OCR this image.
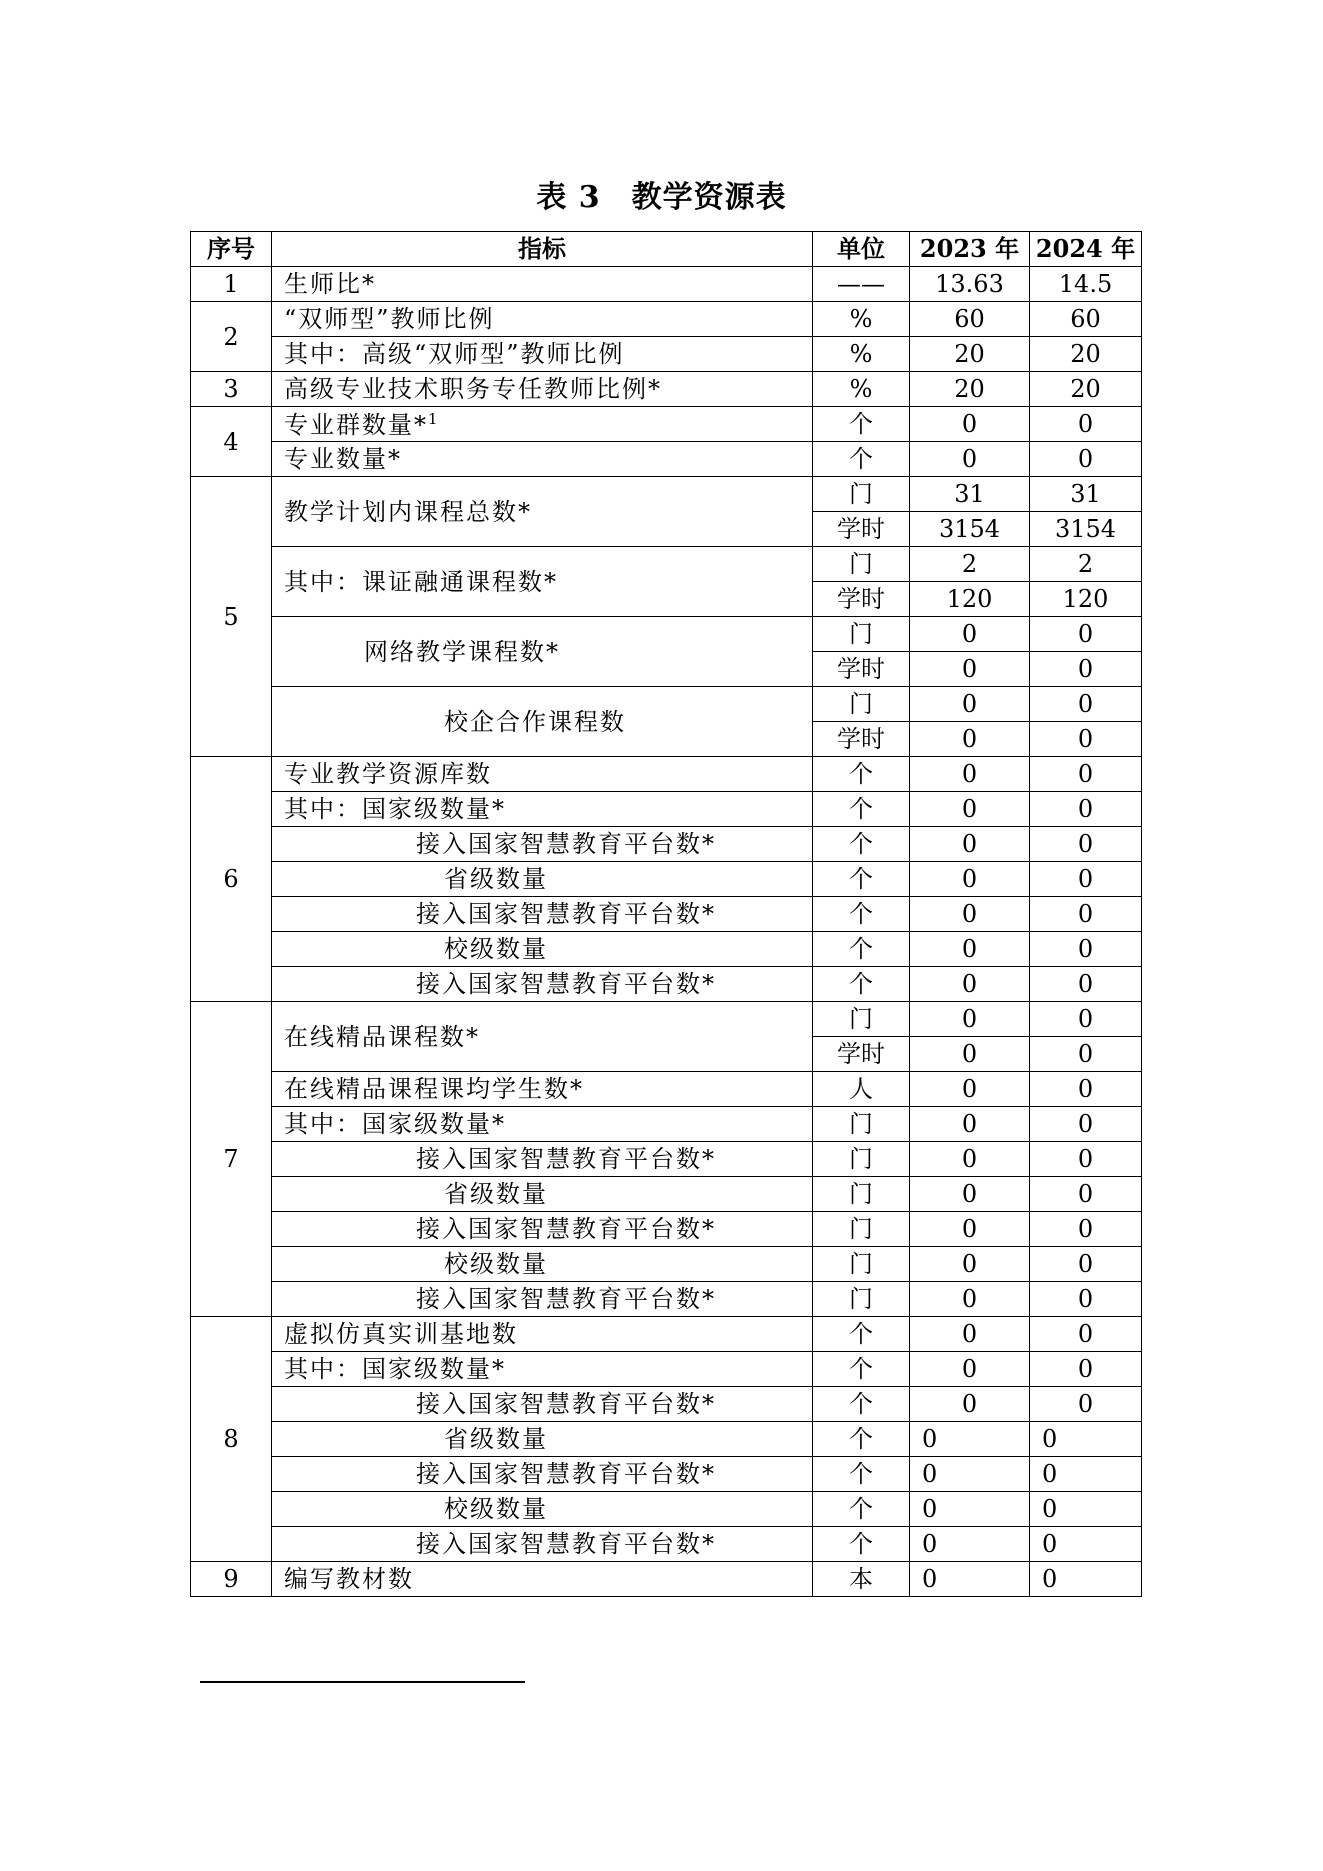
表 3　教学资源表
序号	指标	单位	2023 年	2024 年
1	生师比*	——	13.63	14.5
2	“双师型”教师比例	%	60	60
	其中：高级“双师型”教师比例	%	20	20
3	高级专业技术职务专任教师比例*	%	20	20
4	专业群数量*$^1$	个	0	0
	专业数量*	个	0	0
5	教学计划内课程总数*	门	31	31
		学时	3154	3154
	其中：课证融通课程数*	门	2	2
		学时	120	120
	网络教学课程数*	门	0	0
		学时	0	0
	校企合作课程数	门	0	0
		学时	0	0
6	专业教学资源库数	个	0	0
	其中：国家级数量*	个	0	0
	接入国家智慧教育平台数*	个	0	0
	省级数量	个	0	0
	接入国家智慧教育平台数*	个	0	0
	校级数量	个	0	0
	接入国家智慧教育平台数*	个	0	0
7	在线精品课程数*	门	0	0
		学时	0	0
	在线精品课程课均学生数*	人	0	0
	其中：国家级数量*	门	0	0
	接入国家智慧教育平台数*	门	0	0
	省级数量	门	0	0
	接入国家智慧教育平台数*	门	0	0
	校级数量	门	0	0
	接入国家智慧教育平台数*	门	0	0
8	虚拟仿真实训基地数	个	0	0
	其中：国家级数量*	个	0	0
	接入国家智慧教育平台数*	个	0	0
	省级数量	个	0	0
	接入国家智慧教育平台数*	个	0	0
	校级数量	个	0	0
	接入国家智慧教育平台数*	个	0	0
9	编写教材数	本	0	0
